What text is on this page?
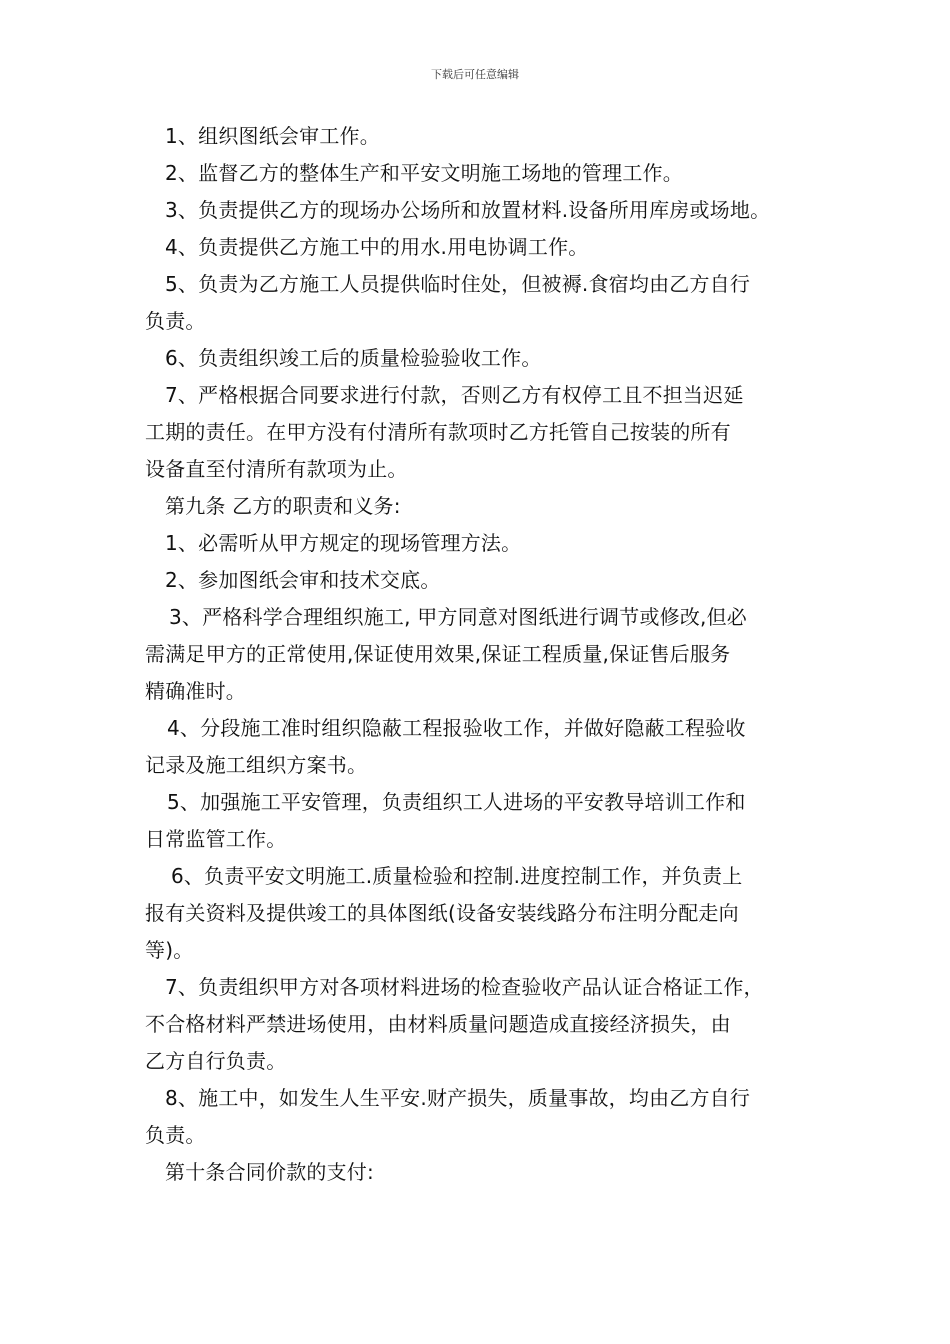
下载后可任意编辑
1、组织图纸会审工作。
2、监督乙方的整体生产和平安文明施工场地的管理工作。
3、负责提供乙方的现场办公场所和放置材料.设备所用库房或场地。
4、负责提供乙方施工中的用水.用电协调工作。
5、负责为乙方施工人员提供临时住处，但被褥.食宿均由乙方自行
负责。
6、负责组织竣工后的质量检验验收工作。
7、严格根据合同要求进行付款，否则乙方有权停工且不担当迟延
工期的责任。在甲方没有付清所有款项时乙方托管自己按装的所有
设备直至付清所有款项为止。
第九条 乙方的职责和义务:
1、必需听从甲方规定的现场管理方法。
2、参加图纸会审和技术交底。
3、严格科学合理组织施工, 甲方同意对图纸进行调节或修改,但必
需满足甲方的正常使用,保证使用效果,保证工程质量,保证售后服务
精确准时。
4、分段施工准时组织隐蔽工程报验收工作，并做好隐蔽工程验收
记录及施工组织方案书。
5、加强施工平安管理，负责组织工人进场的平安教导培训工作和
日常监管工作。
6、负责平安文明施工.质量检验和控制.进度控制工作，并负责上
报有关资料及提供竣工的具体图纸(设备安装线路分布注明分配走向
等)。
7、负责组织甲方对各项材料进场的检查验收产品认证合格证工作，
不合格材料严禁进场使用，由材料质量问题造成直接经济损失，由
乙方自行负责。
8、施工中，如发生人生平安.财产损失，质量事故，均由乙方自行
负责。
第十条合同价款的支付:
